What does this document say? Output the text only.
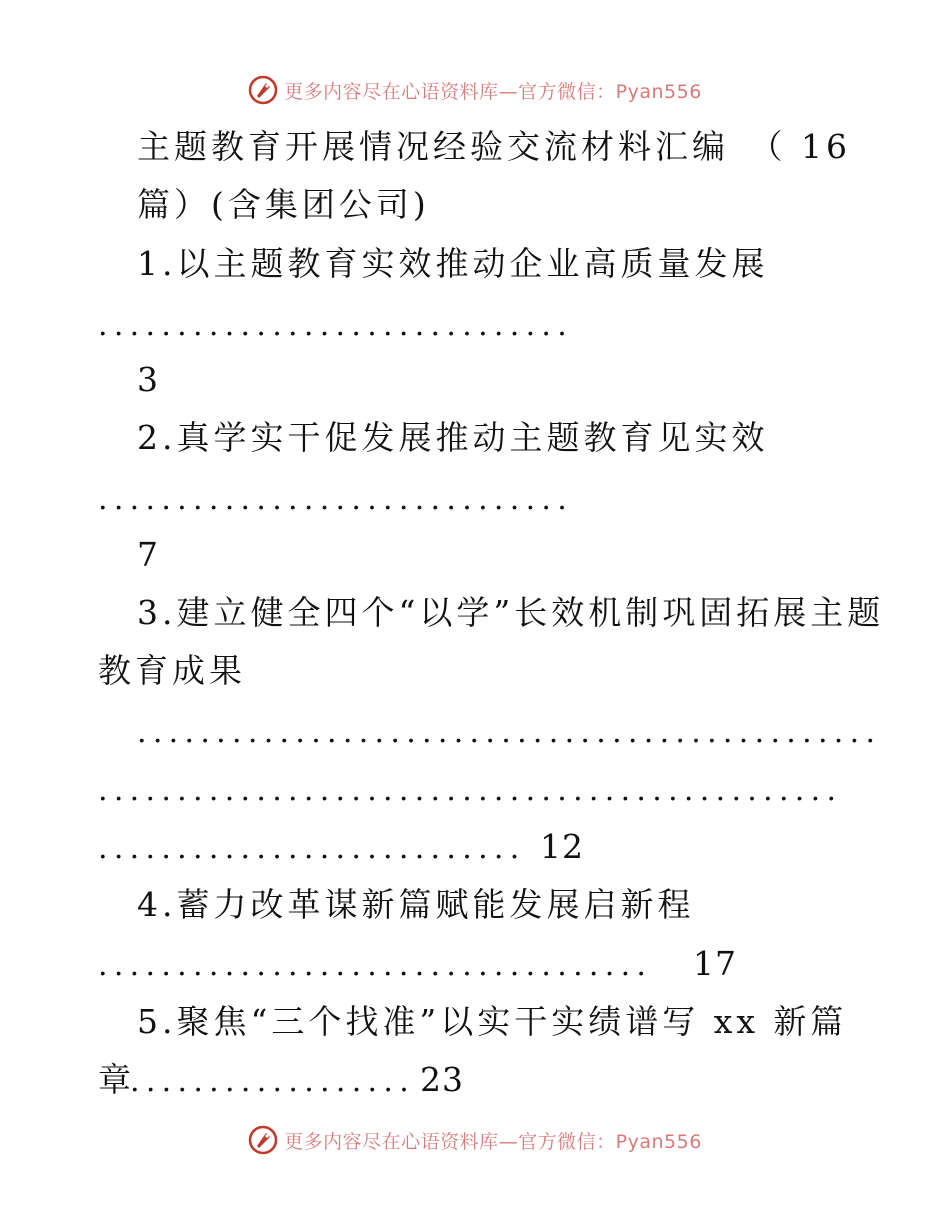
更多内容尽在心语资料库—官方微信：Pyan556
主题教育开展情况经验交流材料汇编　（ 16
篇）(含集团公司)
1.以主题教育实效推动企业高质量发展
..............................
3
2.真学实干促发展推动主题教育见实效
..............................
7
3.建立健全四个“以学”长效机制巩固拓展主题
教育成果
...............................................
...............................................
........................... 12
4.蓄力改革谋新篇赋能发展启新程
...................................	17
5.聚焦“三个找准”以实干实绩谱写 xx 新篇
章
.................. 23
更多内容尽在心语资料库—官方微信：Pyan556
